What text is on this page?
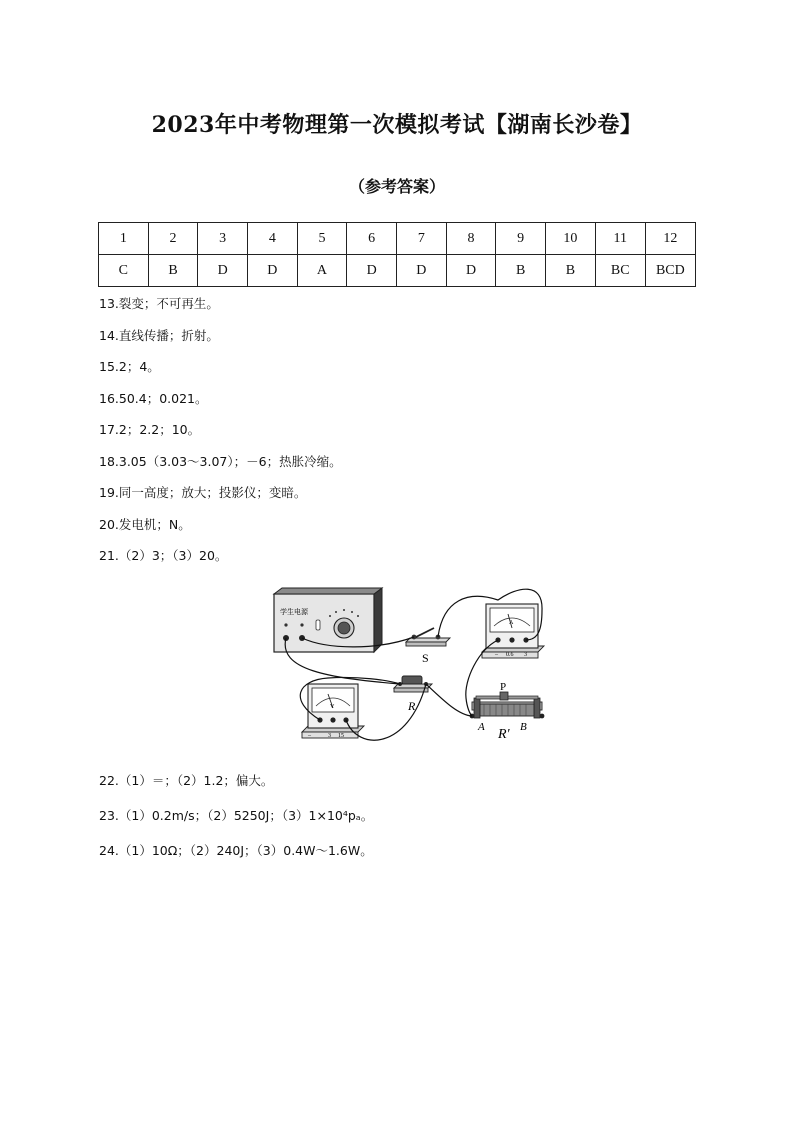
2023年中考物理第一次模拟考试【湖南长沙卷】
（参考答案）
1	2	3	4	5	6	7	8	9	10	11	12
C	B	D	D	A	D	D	D	B	B	BC	BCD
13.裂变；不可再生。
14.直线传播；折射。
15.2；4。
16.50.4；0.021。
17.2；2.2；10。
18.3.05（3.03～3.07）；－6；热胀冷缩。
19.同一高度；放大；投影仪；变暗。
20.发电机；N。
21.（2）3；（3）20。
学生电源
S
A
– 0.6 3
R
V
–	3 15
P
A R′ B
22.（1）＝；（2）1.2；偏大。
23.（1）0.2m/s；（2）5250J；（3）1×10⁴pₐ。
24.（1）10Ω；（2）240J；（3）0.4W～1.6W。
